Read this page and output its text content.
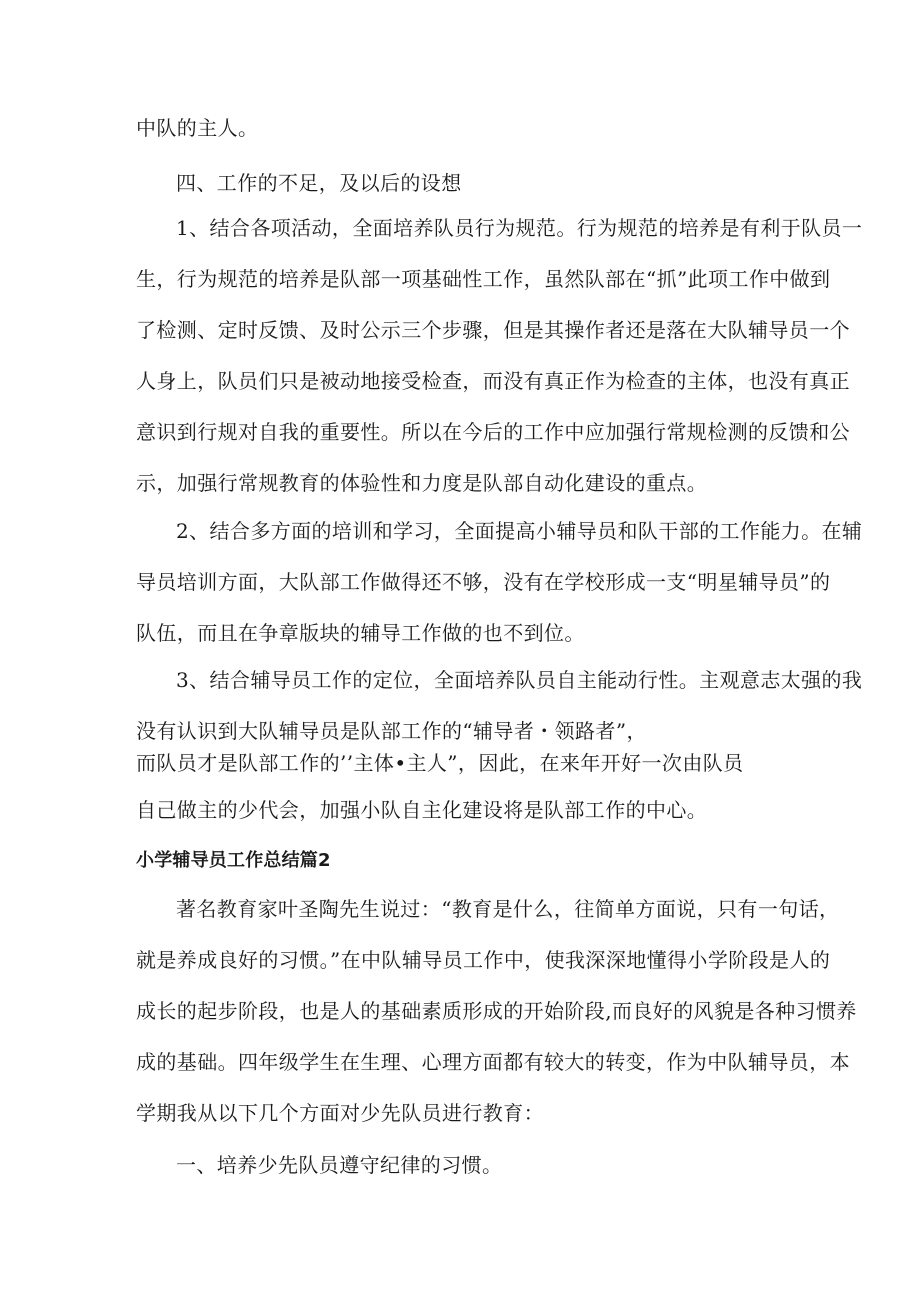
中队的主人。
四、工作的不足，及以后的设想
1、结合各项活动，全面培养队员行为规范。行为规范的培养是有利于队员一
生，行为规范的培养是队部一项基础性工作，虽然队部在“抓”此项工作中做到
了检测、定时反馈、及时公示三个步骤，但是其操作者还是落在大队辅导员一个
人身上，队员们只是被动地接受检查，而没有真正作为检查的主体，也没有真正
意识到行规对自我的重要性。所以在今后的工作中应加强行常规检测的反馈和公
示，加强行常规教育的体验性和力度是队部自动化建设的重点。
2、结合多方面的培训和学习，全面提高小辅导员和队干部的工作能力。在辅
导员培训方面，大队部工作做得还不够，没有在学校形成一支“明星辅导员”的
队伍，而且在争章版块的辅导工作做的也不到位。
3、结合辅导员工作的定位，全面培养队员自主能动行性。主观意志太强的我
没有认识到大队辅导员是队部工作的“辅导者・领路者”，
而队员才是队部工作的’’主体•主人”，因此，在来年开好一次由队员
自己做主的少代会，加强小队自主化建设将是队部工作的中心。
小学辅导员工作总结篇2
著名教育家叶圣陶先生说过：“教育是什么，往简单方面说，只有一句话，
就是养成良好的习惯。”在中队辅导员工作中，使我深深地懂得小学阶段是人的
成长的起步阶段，也是人的基础素质形成的开始阶段,而良好的风貌是各种习惯养
成的基础。四年级学生在生理、心理方面都有较大的转变，作为中队辅导员，本
学期我从以下几个方面对少先队员进行教育：
一、培养少先队员遵守纪律的习惯。
